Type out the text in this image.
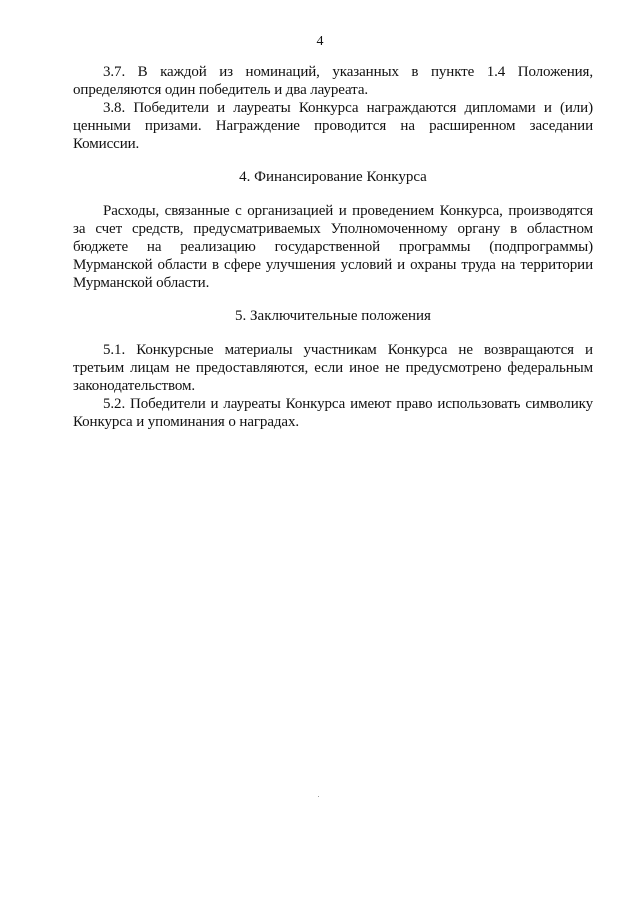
4

3.7. В каждой из номинаций, указанных в пункте 1.4 Положения, определяются один победитель и два лауреата.

3.8. Победители и лауреаты Конкурса награждаются дипломами и (или) ценными призами. Награждение проводится на расширенном заседании Комиссии.

4. Финансирование Конкурса

Расходы, связанные с организацией и проведением Конкурса, производятся за счет средств, предусматриваемых Уполномоченному органу в областном бюджете на реализацию государственной программы (подпрограммы) Мурманской области в сфере улучшения условий и охраны труда на территории Мурманской области.

5. Заключительные положения

5.1. Конкурсные материалы участникам Конкурса не возвращаются и третьим лицам не предоставляются, если иное не предусмотрено федеральным законодательством.

5.2. Победители и лауреаты Конкурса имеют право использовать символику Конкурса и упоминания о наградах.
